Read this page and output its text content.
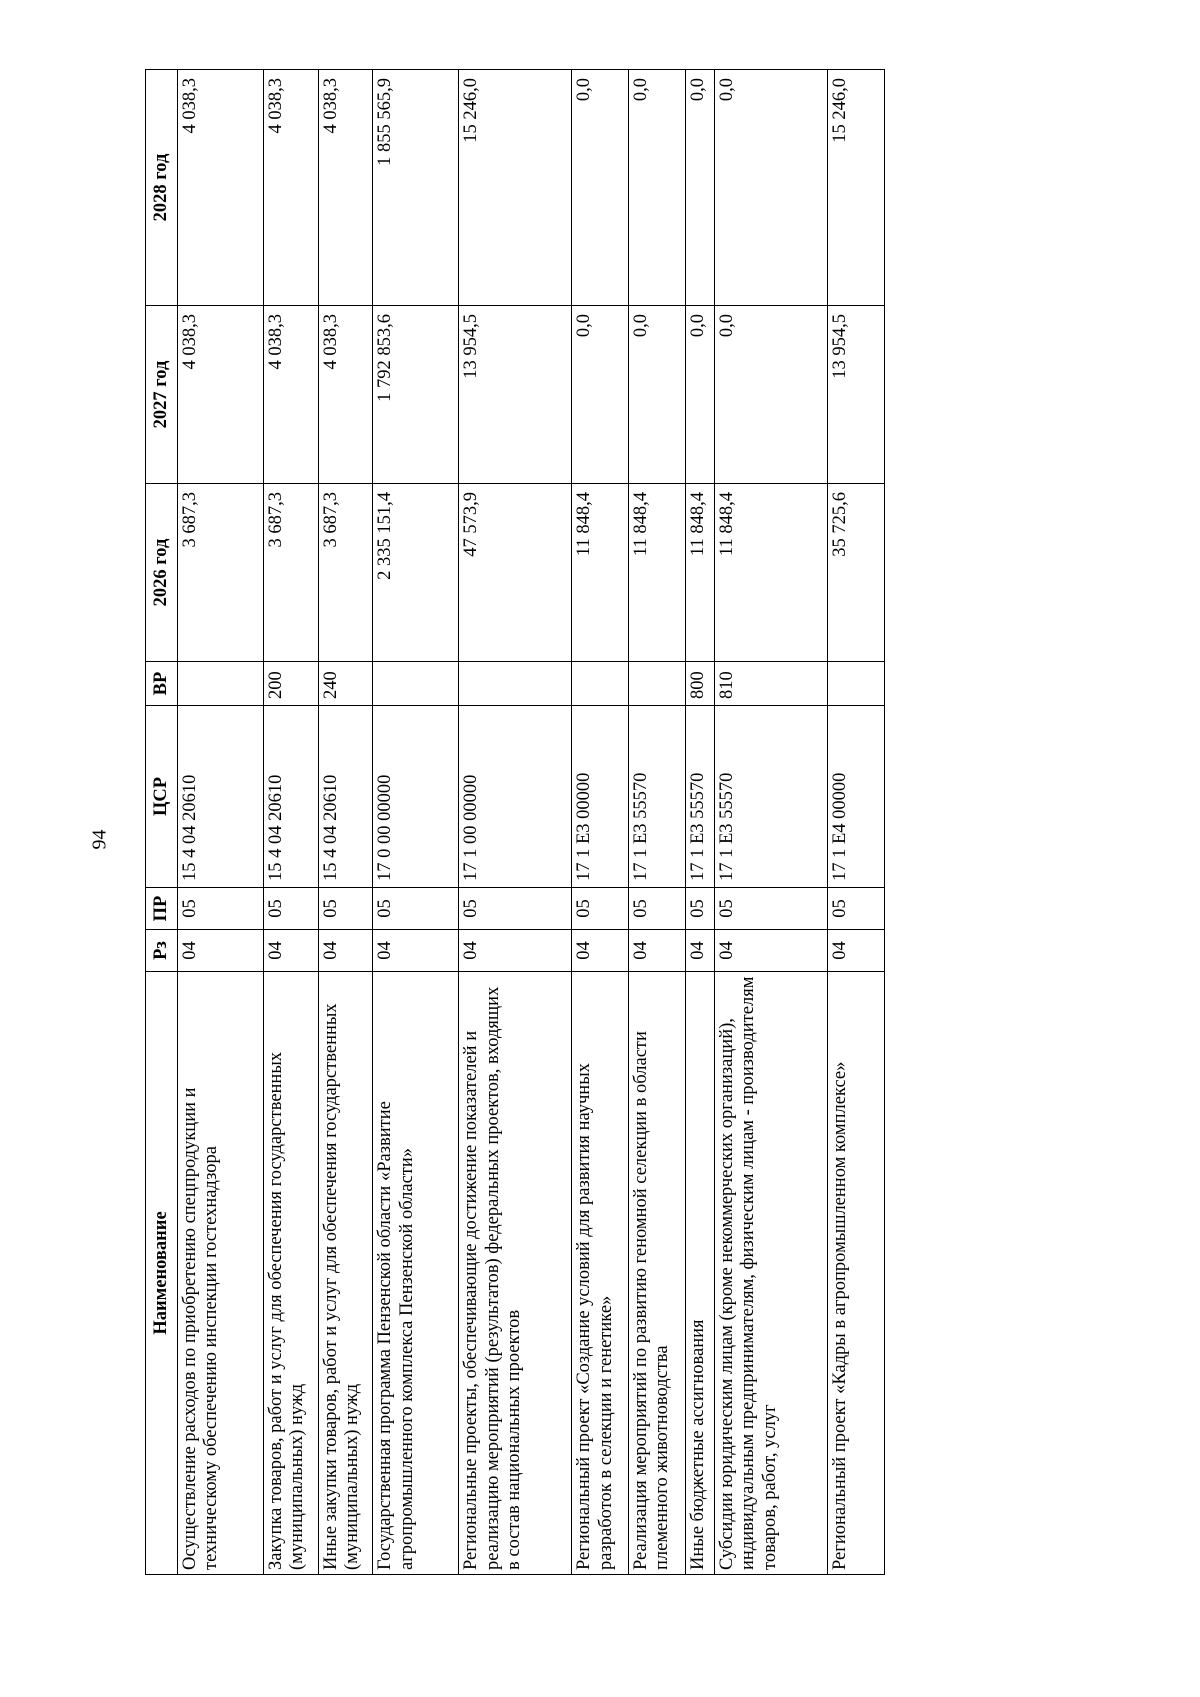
94
Наименование	Рз	ПР	ЦСР	ВР	2026 год	2027 год	2028 год
Осуществление расходов по приобретению спецпродукции и техническому обеспечению инспекции гостехнадзора	04	05	15 4 04 20610		3 687,3	4 038,3	4 038,3
Закупка товаров, работ и услуг для обеспечения государственных (муниципальных) нужд	04	05	15 4 04 20610	200	3 687,3	4 038,3	4 038,3
Иные закупки товаров, работ и услуг для обеспечения государственных (муниципальных) нужд	04	05	15 4 04 20610	240	3 687,3	4 038,3	4 038,3
Государственная программа Пензенской области «Развитие агропромышленного комплекса Пензенской области»	04	05	17 0 00 00000		2 335 151,4	1 792 853,6	1 855 565,9
Региональные проекты, обеспечивающие достижение показателей и реализацию мероприятий (результатов) федеральных проектов, входящих в состав национальных проектов	04	05	17 1 00 00000		47 573,9	13 954,5	15 246,0
Региональный проект «Создание условий для развития научных разработок в селекции и генетике»	04	05	17 1 Е3 00000		11 848,4	0,0	0,0
Реализация мероприятий по развитию геномной селекции в области племенного животноводства	04	05	17 1 Е3 55570		11 848,4	0,0	0,0
Иные бюджетные ассигнования	04	05	17 1 Е3 55570	800	11 848,4	0,0	0,0
Субсидии юридическим лицам (кроме некоммерческих организаций), индивидуальным предпринимателям, физическим лицам - производителям товаров, работ, услуг	04	05	17 1 Е3 55570	810	11 848,4	0,0	0,0
Региональный проект «Кадры в агропромышленном комплексе»	04	05	17 1 Е4 00000		35 725,6	13 954,5	15 246,0
